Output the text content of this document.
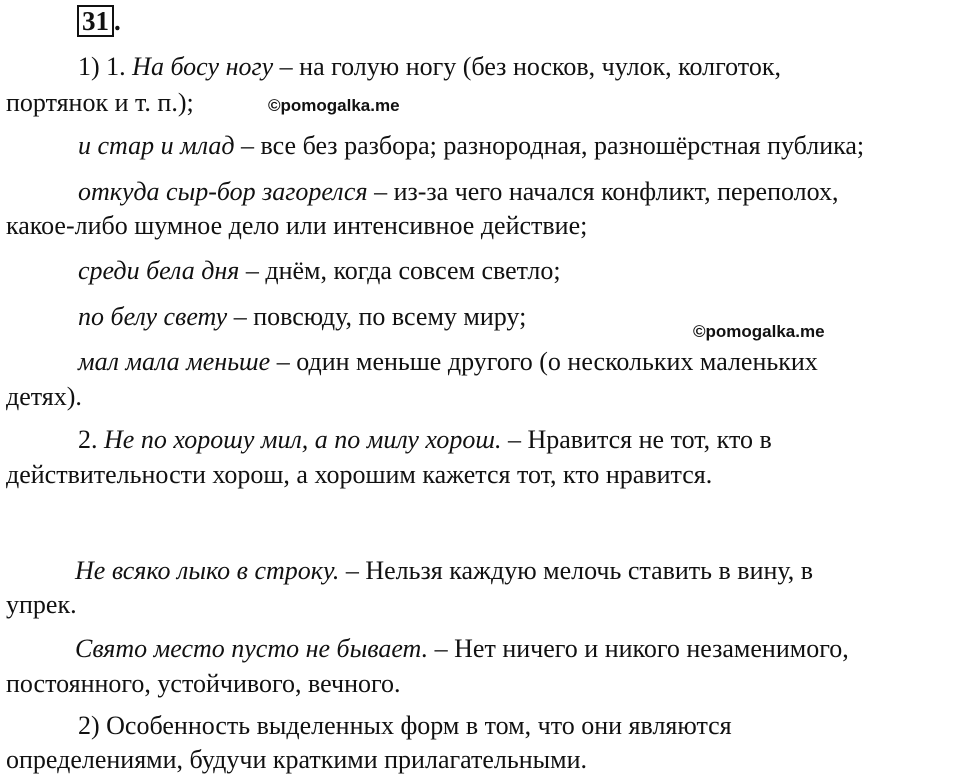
31 .
1) 1. На босу ногу – на голую ногу (без носков, чулок, колготок,
портянок и т. п.);	©pomogalka.me
и стар и млад – все без разбора; разнородная, разношёрстная публика;
откуда сыр-бор загорелся – из-за чего начался конфликт, переполох,
какое-либо шумное дело или интенсивное действие;
среди бела дня – днём, когда совсем светло;
по белу свету – повсюду, по всему миру;
©pomogalka.me
мал мала меньше – один меньше другого (о нескольких маленьких
детях).
2. Не по хорошу мил, а по милу хорош. – Нравится не тот, кто в
действительности хорош, а хорошим кажется тот, кто нравится.
Не всяко лыко в строку. – Нельзя каждую мелочь ставить в вину, в
упрек.
Свято место пусто не бывает. – Нет ничего и никого незаменимого,
постоянного, устойчивого, вечного.
2) Особенность выделенных форм в том, что они являются
определениями, будучи краткими прилагательными.
